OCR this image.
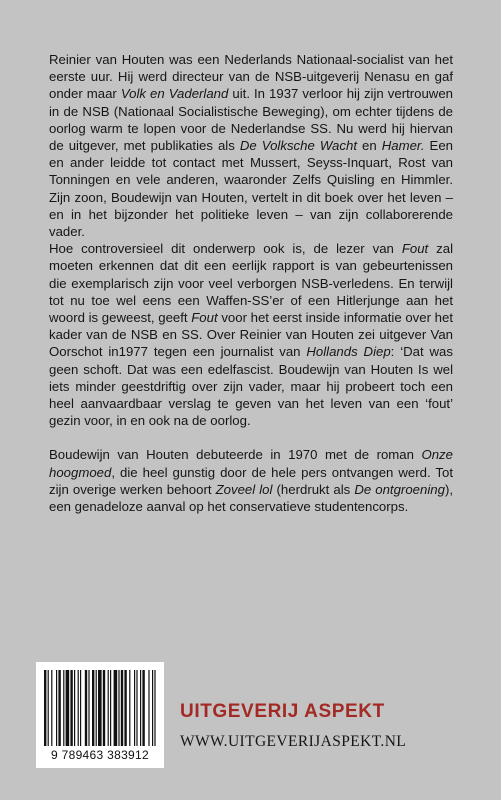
Reinier van Houten was een Nederlands Nationaal-socialist van het eerste uur. Hij werd directeur van de NSB-uitgeverij Nenasu en gaf onder maar Volk en Vaderland uit. In 1937 verloor hij zijn vertrouwen in de NSB (Nationaal Socialistische Beweging), om echter tijdens de oorlog warm te lopen voor de Nederlandse SS. Nu werd hij hiervan de uitgever, met publikaties als De Volksche Wacht en Hamer. Een en ander leidde tot contact met Mussert, Seyss-Inquart, Rost van Tonningen en vele anderen, waaronder Zelfs Quisling en Himmler. Zijn zoon, Boudewijn van Houten, vertelt in dit boek over het leven – en in het bijzonder het politieke leven – van zijn collaborerende vader.

Hoe controversieel dit onderwerp ook is, de lezer van Fout zal moeten erkennen dat dit een eerlijk rapport is van gebeurtenissen die exemplarisch zijn voor veel verborgen NSB-verledens. En terwijl tot nu toe wel eens een Waffen-SS’er of een Hitlerjunge aan het woord is geweest, geeft Fout voor het eerst inside informatie over het kader van de NSB en SS. Over Reinier van Houten zei uitgever Van Oorschot in1977 tegen een journalist van Hollands Diep: ‘Dat was geen schoft. Dat was een edelfascist. Boudewijn van Houten Is wel iets minder geestdriftig over zijn vader, maar hij probeert toch een heel aanvaardbaar verslag te geven van het leven van een ‘fout’ gezin voor, in en ook na de oorlog.

Boudewijn van Houten debuteerde in 1970 met de roman Onze hoogmoed, die heel gunstig door de hele pers ontvangen werd. Tot zijn overige werken behoort Zoveel lol (herdrukt als De ontgroening), een genadeloze aanval op het conservatieve studentencorps.

9 789463 383912
UITGEVERIJ ASPEKT
WWW.UITGEVERIJASPEKT.NL
